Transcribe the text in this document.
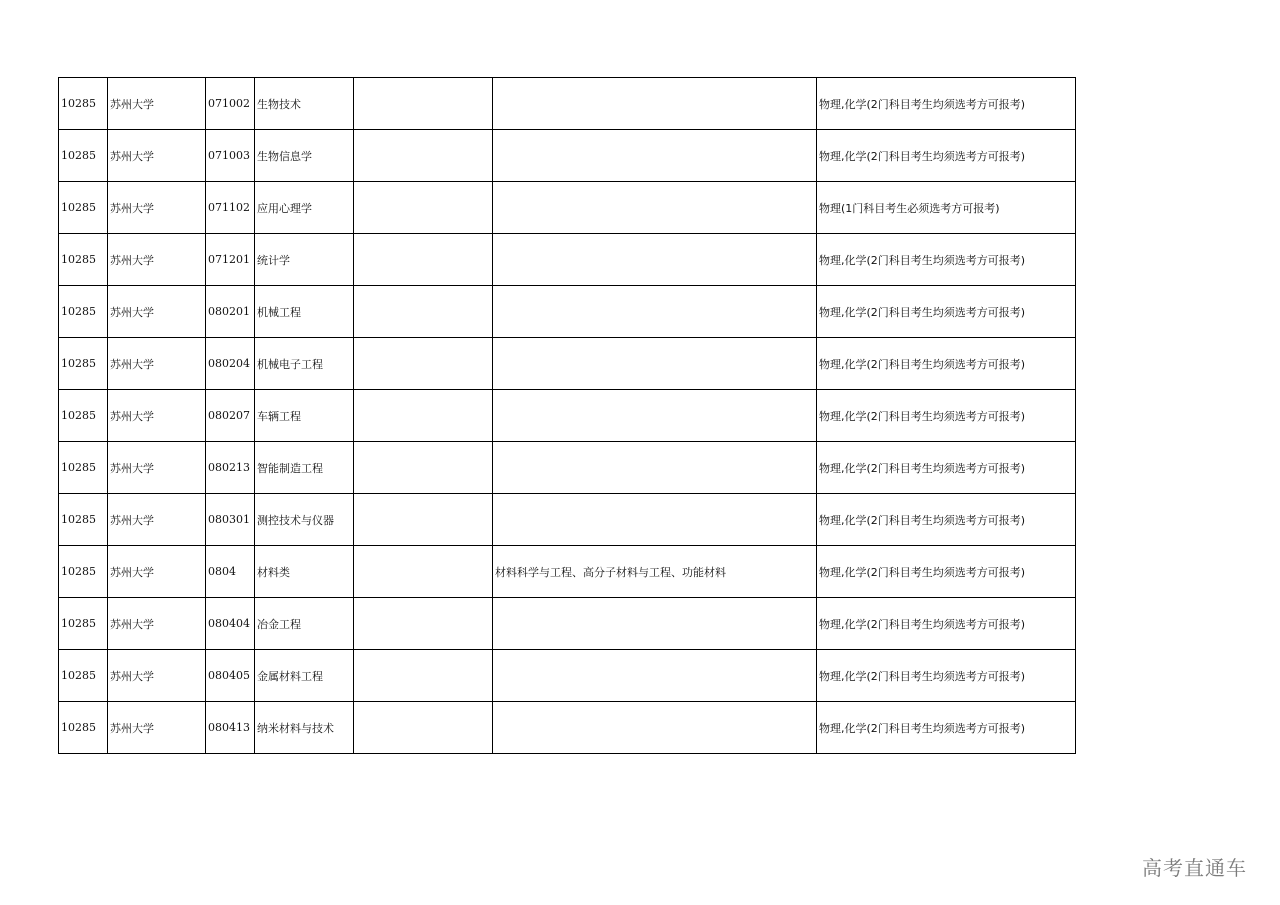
10285	苏州大学	071002	生物技术			物理,化学(2门科目考生均须选考方可报考)
10285	苏州大学	071003	生物信息学			物理,化学(2门科目考生均须选考方可报考)
10285	苏州大学	071102	应用心理学			物理(1门科目考生必须选考方可报考)
10285	苏州大学	071201	统计学			物理,化学(2门科目考生均须选考方可报考)
10285	苏州大学	080201	机械工程			物理,化学(2门科目考生均须选考方可报考)
10285	苏州大学	080204	机械电子工程			物理,化学(2门科目考生均须选考方可报考)
10285	苏州大学	080207	车辆工程			物理,化学(2门科目考生均须选考方可报考)
10285	苏州大学	080213	智能制造工程			物理,化学(2门科目考生均须选考方可报考)
10285	苏州大学	080301	测控技术与仪器			物理,化学(2门科目考生均须选考方可报考)
10285	苏州大学	0804	材料类		材料科学与工程、高分子材料与工程、功能材料	物理,化学(2门科目考生均须选考方可报考)
10285	苏州大学	080404	冶金工程			物理,化学(2门科目考生均须选考方可报考)
10285	苏州大学	080405	金属材料工程			物理,化学(2门科目考生均须选考方可报考)
10285	苏州大学	080413	纳米材料与技术			物理,化学(2门科目考生均须选考方可报考)
高考直通车
